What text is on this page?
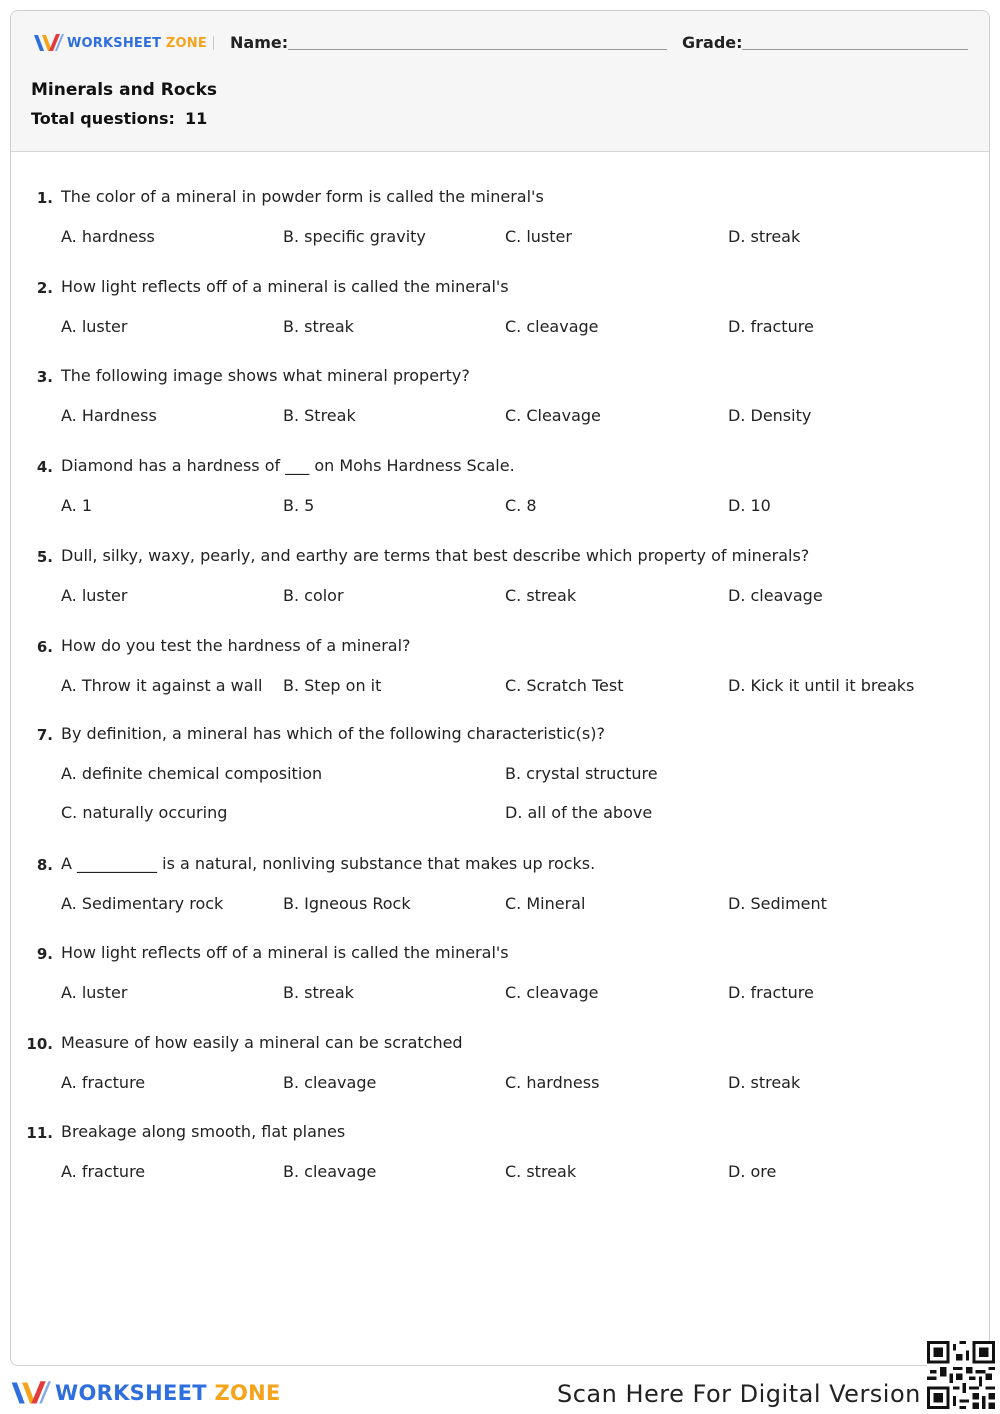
WORKSHEET ZONE Name:	Grade:
Minerals and Rocks
Total questions: 11
1. The color of a mineral in powder form is called the mineral's
A. hardness	B. specific gravity	C. luster	D. streak
2. How light reflects off of a mineral is called the mineral's
A. luster	B. streak	C. cleavage	D. fracture
3. The following image shows what mineral property?
A. Hardness	B. Streak	C. Cleavage	D. Density
4. Diamond has a hardness of ___ on Mohs Hardness Scale.
A. 1	B. 5	C. 8	D. 10
5. Dull, silky, waxy, pearly, and earthy are terms that best describe which property of minerals?
A. luster	B. color	C. streak	D. cleavage
6. How do you test the hardness of a mineral?
A. Throw it against a wall B. Step on it	C. Scratch Test	D. Kick it until it breaks
7. By definition, a mineral has which of the following characteristic(s)?
A. definite chemical composition	B. crystal structure
C. naturally occuring	D. all of the above
8. A __________ is a natural, nonliving substance that makes up rocks.
A. Sedimentary rock	B. Igneous Rock	C. Mineral	D. Sediment
9. How light reflects off of a mineral is called the mineral's
A. luster	B. streak	C. cleavage	D. fracture
10. Measure of how easily a mineral can be scratched
A. fracture	B. cleavage	C. hardness	D. streak
11. Breakage along smooth, flat planes
A. fracture	B. cleavage	C. streak	D. ore
WORKSHEET ZONE	Scan Here For Digital Version
